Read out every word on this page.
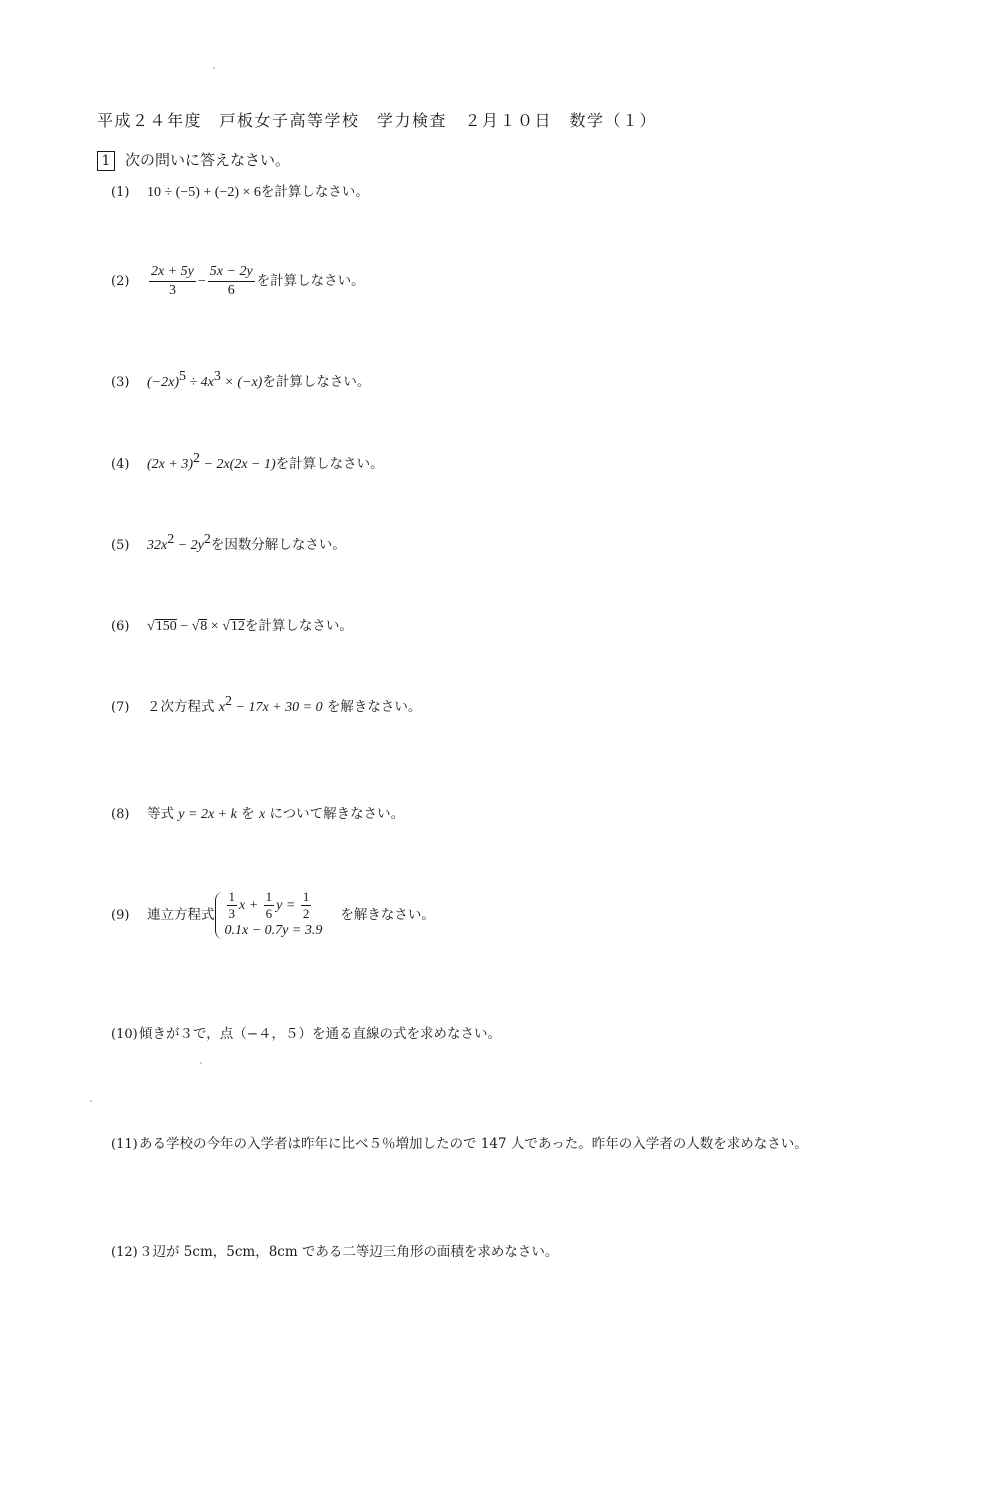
平成２４年度　戸板女子高等学校　学力検査　２月１０日　数学（１）
1 次の問いに答えなさい。
(1) 10 ÷ (−5) + (−2) × 6を計算しなさい。
$(2) \frac{2x + 5y}{3} - \frac{5x - 2y}{6}$ を計算しなさい。
(3) $(-2x)^5 \div 4x^3 \times (-x)$を計算しなさい。
(4) $(2x + 3)^2 - 2x(2x - 1)$を計算しなさい。
(5) $32x^2 - 2y^2$を因数分解しなさい。
(6) √150 − √8 × √12を計算しなさい。
(7) ２次方程式 $x^2 - 17x + 30 = 0$ を解きなさい。
(8) 等式 y = 2x + k を x について解きなさい。
(9) 連立方程式 $\frac{1}{3}$ $x + \frac{1}{6}$ $y = \frac{1}{2}$
0.1x − 0.7y = 3.9
を解きなさい。
(10)傾きが３で，点（−４，５）を通る直線の式を求めなさい。
(11)ある学校の今年の入学者は昨年に比べ５％増加したので 147 人であった。昨年の入学者の人数を求めなさい。
(12)３辺が 5cm，5cm，8cm である二等辺三角形の面積を求めなさい。
